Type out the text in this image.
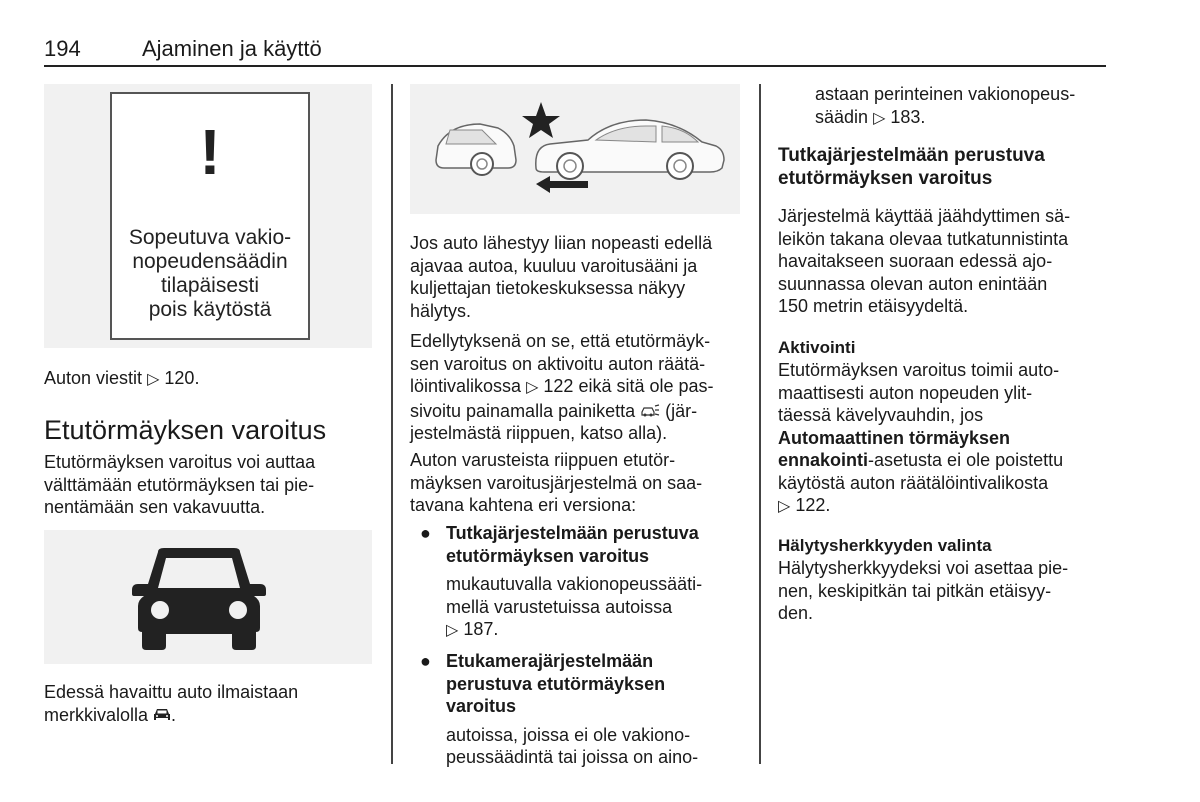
194	Ajaminen ja käyttö
!
Sopeutuva vakio-
nopeudensäädin
tilapäisesti
pois käytöstä
Auton viestit ▷ 120.
Etutörmäyksen varoitus

Etutörmäyksen varoitus voi auttaa

välttämään etutörmäyksen tai pie-

nentämään sen vakavuutta.

Edessä havaittu auto ilmaistaan

merkkivalolla .

Jos auto lähestyy liian nopeasti edellä

ajavaa autoa, kuuluu varoitusääni ja

kuljettajan tietokeskuksessa näkyy

hälytys.

Edellytyksenä on se, että etutörmäyk-

sen varoitus on aktivoitu auton räätä-

löintivalikossa ▷ 122 eikä sitä ole pas-

sivoitu painamalla painiketta (jär-

jestelmästä riippuen, katso alla).

Auton varusteista riippuen etutör-

mäyksen varoitusjärjestelmä on saa-

tavana kahtena eri versiona:

● Tutkajärjestelmään perustuva

etutörmäyksen varoitus

mukautuvalla vakionopeussääti-

mellä varustetuissa autoissa

▷ 187.

● Etukamerajärjestelmään

perustuva etutörmäyksen

varoitus

autoissa, joissa ei ole vakiono-

peussäädintä tai joissa on aino-

astaan perinteinen vakionopeus-

säädin ▷ 183.

Tutkajärjestelmään perustuva

etutörmäyksen varoitus

Järjestelmä käyttää jäähdyttimen sä-

leikön takana olevaa tutkatunnistinta

havaitakseen suoraan edessä ajo-

suunnassa olevan auton enintään

150 metrin etäisyydeltä.

Aktivointi

Etutörmäyksen varoitus toimii auto-

maattisesti auton nopeuden ylit-

täessä kävelyvauhdin, jos

Automaattinen törmäyksen

ennakointi-asetusta ei ole poistettu

käytöstä auton räätälöintivalikosta

▷ 122.

Hälytysherkkyyden valinta

Hälytysherkkyydeksi voi asettaa pie-

nen, keskipitkän tai pitkän etäisyy-

den.
